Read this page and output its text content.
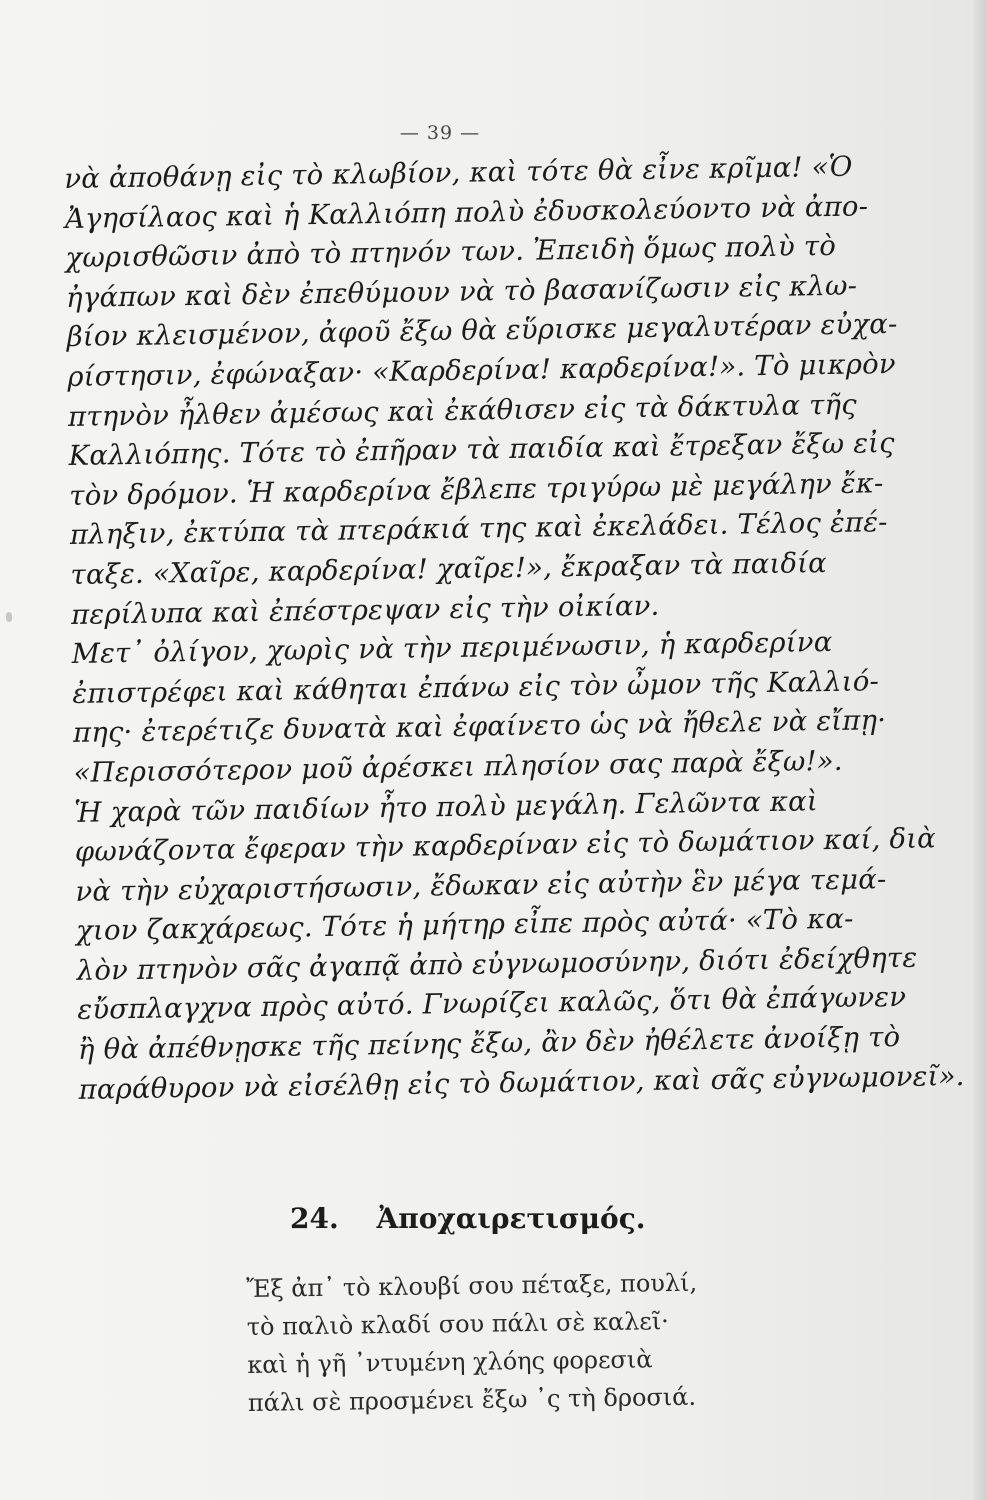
— 39 —
νὰ ἀποθάνῃ εἰς τὸ κλωβίον, καὶ τότε θὰ εἶνε κρῖμα! «Ὁ
Ἀγησίλαος καὶ ἡ Καλλιόπη πολὺ ἐδυσκολεύοντο νὰ ἀπο-
χωρισθῶσιν ἀπὸ τὸ πτηνόν των. Ἐπειδὴ ὅμως πολὺ τὸ
ἠγάπων καὶ δὲν ἐπεθύμουν νὰ τὸ βασανίζωσιν εἰς κλω-
βίον κλεισμένον, ἀφοῦ ἔξω θὰ εὕρισκε μεγαλυτέραν εὐχα-
ρίστησιν, ἐφώναξαν· «Καρδερίνα! καρδερίνα!». Τὸ μικρὸν
πτηνὸν ἦλθεν ἀμέσως καὶ ἐκάθισεν εἰς τὰ δάκτυλα τῆς
Καλλιόπης. Τότε τὸ ἐπῆραν τὰ παιδία καὶ ἔτρεξαν ἔξω εἰς
τὸν δρόμον. Ἡ καρδερίνα ἔβλεπε τριγύρω μὲ μεγάλην ἔκ-
πληξιν, ἐκτύπα τὰ πτεράκιά της καὶ ἐκελάδει. Τέλος ἐπέ-
ταξε. «Χαῖρε, καρδερίνα! χαῖρε!», ἔκραξαν τὰ παιδία
περίλυπα καὶ ἐπέστρεψαν εἰς τὴν οἰκίαν.
Μετ᾽ ὀλίγον, χωρὶς νὰ τὴν περιμένωσιν, ἡ καρδερίνα
ἐπιστρέφει καὶ κάθηται ἐπάνω εἰς τὸν ὦμον τῆς Καλλιό-
πης· ἐτερέτιζε δυνατὰ καὶ ἐφαίνετο ὡς νὰ ἤθελε νὰ εἴπῃ·
«Περισσότερον μοῦ ἀρέσκει πλησίον σας παρὰ ἔξω!».
Ἡ χαρὰ τῶν παιδίων ἦτο πολὺ μεγάλη. Γελῶντα καὶ
φωνάζοντα ἔφεραν τὴν καρδερίναν εἰς τὸ δωμάτιον καί, διὰ
νὰ τὴν εὐχαριστήσωσιν, ἔδωκαν εἰς αὐτὴν ἓν μέγα τεμά-
χιον ζακχάρεως. Τότε ἡ μήτηρ εἶπε πρὸς αὐτά· «Τὸ κα-
λὸν πτηνὸν σᾶς ἀγαπᾷ ἀπὸ εὐγνωμοσύνην, διότι ἐδείχθητε
εὔσπλαγχνα πρὸς αὐτό. Γνωρίζει καλῶς, ὅτι θὰ ἐπάγωνεν
ἢ θὰ ἀπέθνῃσκε τῆς πείνης ἔξω, ἂν δὲν ἠθέλετε ἀνοίξῃ τὸ
παράθυρον νὰ εἰσέλθῃ εἰς τὸ δωμάτιον, καὶ σᾶς εὐγνωμονεῖ».
24. Ἀποχαιρετισμός.
Ἔξ ἀπ᾽ τὸ κλουβί σου πέταξε, πουλί,
τὸ παλιὸ κλαδί σου πάλι σὲ καλεῖ·
καὶ ἡ γῆ ᾽ντυμένη χλόης φορεσιὰ
πάλι σὲ προσμένει ἔξω ᾽ς τὴ δροσιά.
